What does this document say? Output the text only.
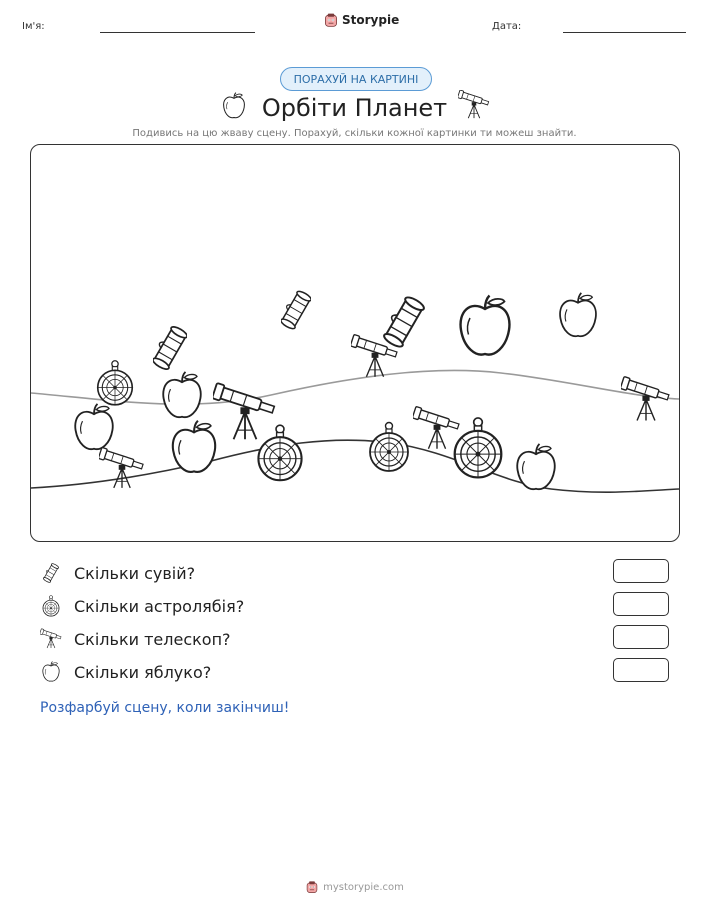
Ім'я:	Storypie	Дата:
ПОРАХУЙ НА КАРТИНІ
Орбіти Планет
Подивись на цю жваву сцену. Порахуй, скільки кожної картинки ти можеш знайти.
Скільки сувій?
Скільки астролябія?
Скільки телескоп?
Скільки яблуко?
Розфарбуй сцену, коли закінчиш!
mystorypie.com
